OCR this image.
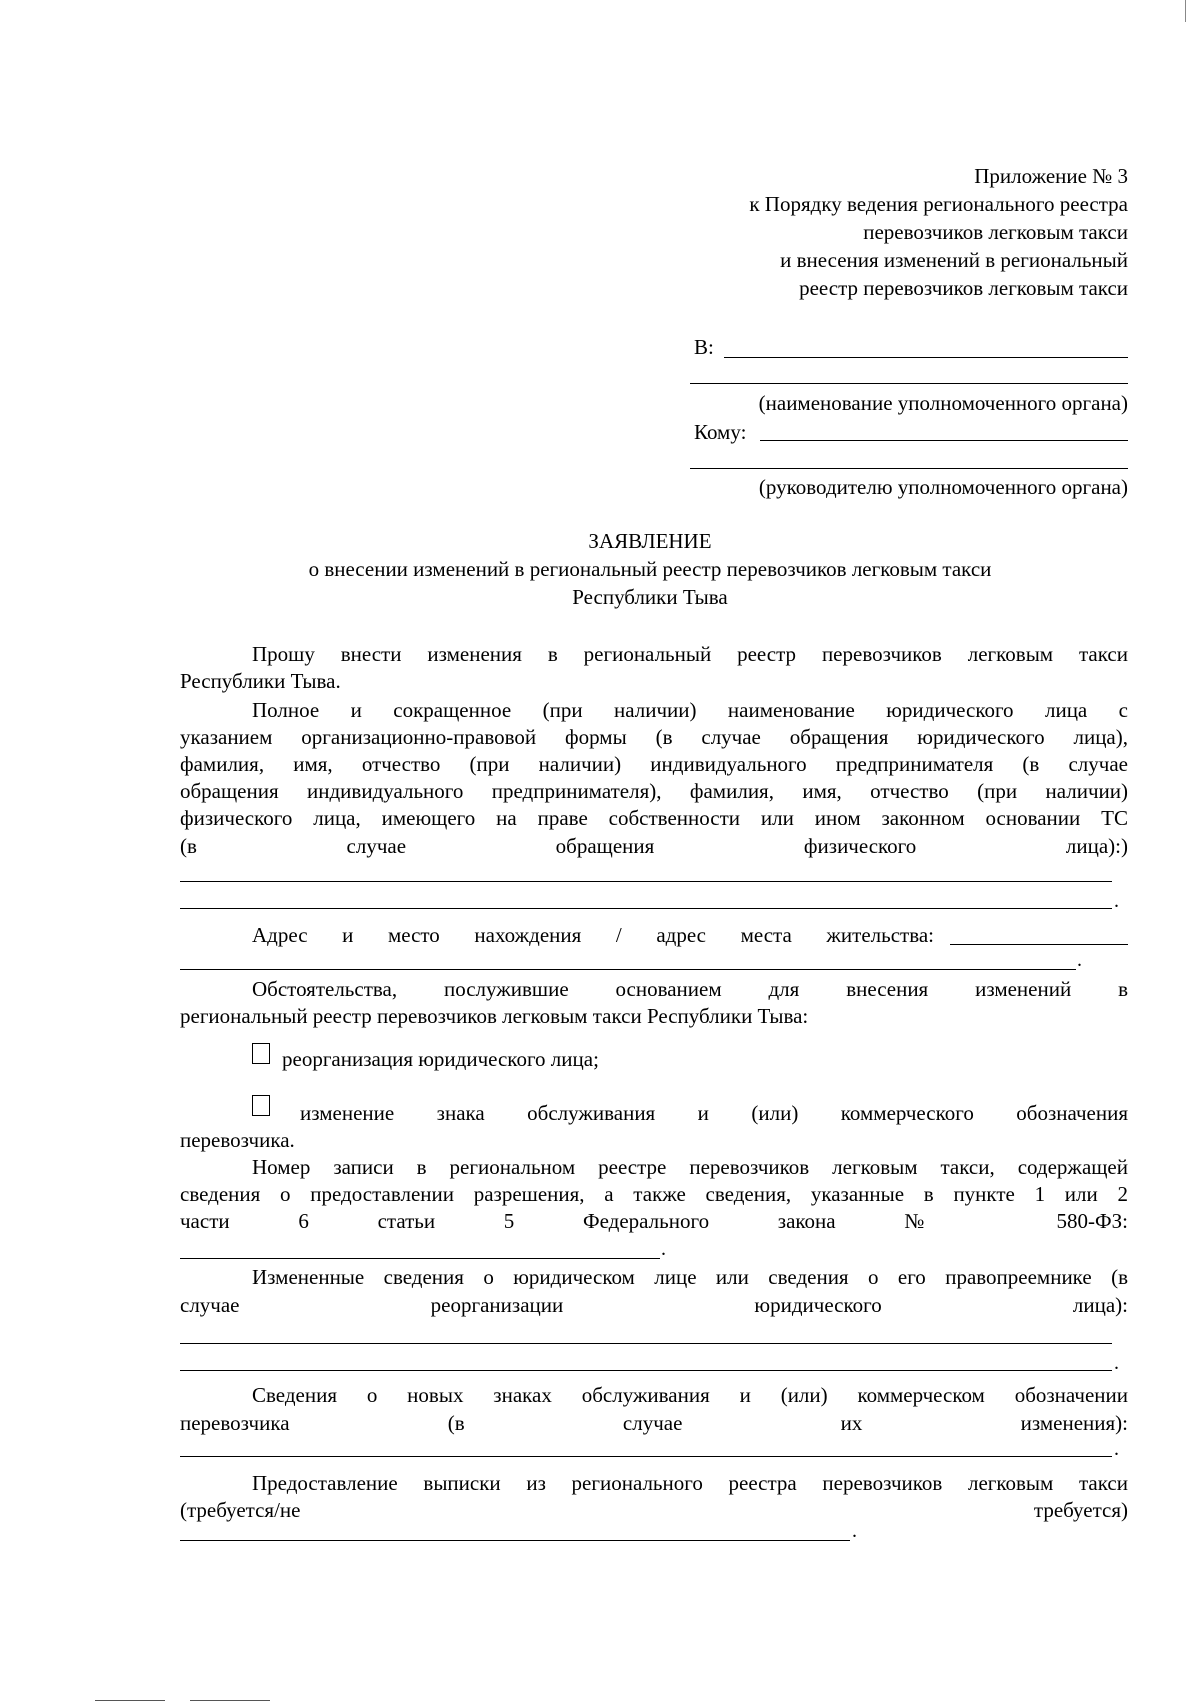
Приложение № 3
к Порядку ведения регионального реестра
перевозчиков легковым такси
и внесения изменений в региональный
реестр перевозчиков легковым такси
В:
(наименование уполномоченного органа)
Кому:
(руководителю уполномоченного органа)
ЗАЯВЛЕНИЕ
о внесении изменений в региональный реестр перевозчиков легковым такси
Республики Тыва
Прошу внести изменения в региональный реестр перевозчиков легковым такси
Республики Тыва.
Полное и сокращенное (при наличии) наименование юридического лица с
указанием организационно-правовой формы (в случае обращения юридического лица),
фамилия, имя, отчество (при наличии) индивидуального предпринимателя (в случае
обращения индивидуального предпринимателя), фамилия, имя, отчество (при наличии)
физического лица, имеющего на праве собственности или ином законном основании ТС
(в случае обращения физического лица):)
.
Адрес и место нахождения / адрес места жительства:
.
Обстоятельства, послужившие основанием для внесения изменений в
региональный реестр перевозчиков легковым такси Республики Тыва:
реорганизация юридического лица;
изменение знака обслуживания и (или) коммерческого обозначения
перевозчика.
Номер записи в региональном реестре перевозчиков легковым такси, содержащей
сведения о предоставлении разрешения, а также сведения, указанные в пункте 1 или 2
части 6 статьи 5 Федерального закона № 580-ФЗ:
.
Измененные сведения о юридическом лице или сведения о его правопреемнике (в
случае реорганизации юридического лица):
.
Сведения о новых знаках обслуживания и (или) коммерческом обозначении
перевозчика (в случае их изменения):
.
Предоставление выписки из регионального реестра перевозчиков легковым такси
(требуется/не требуется)
.
